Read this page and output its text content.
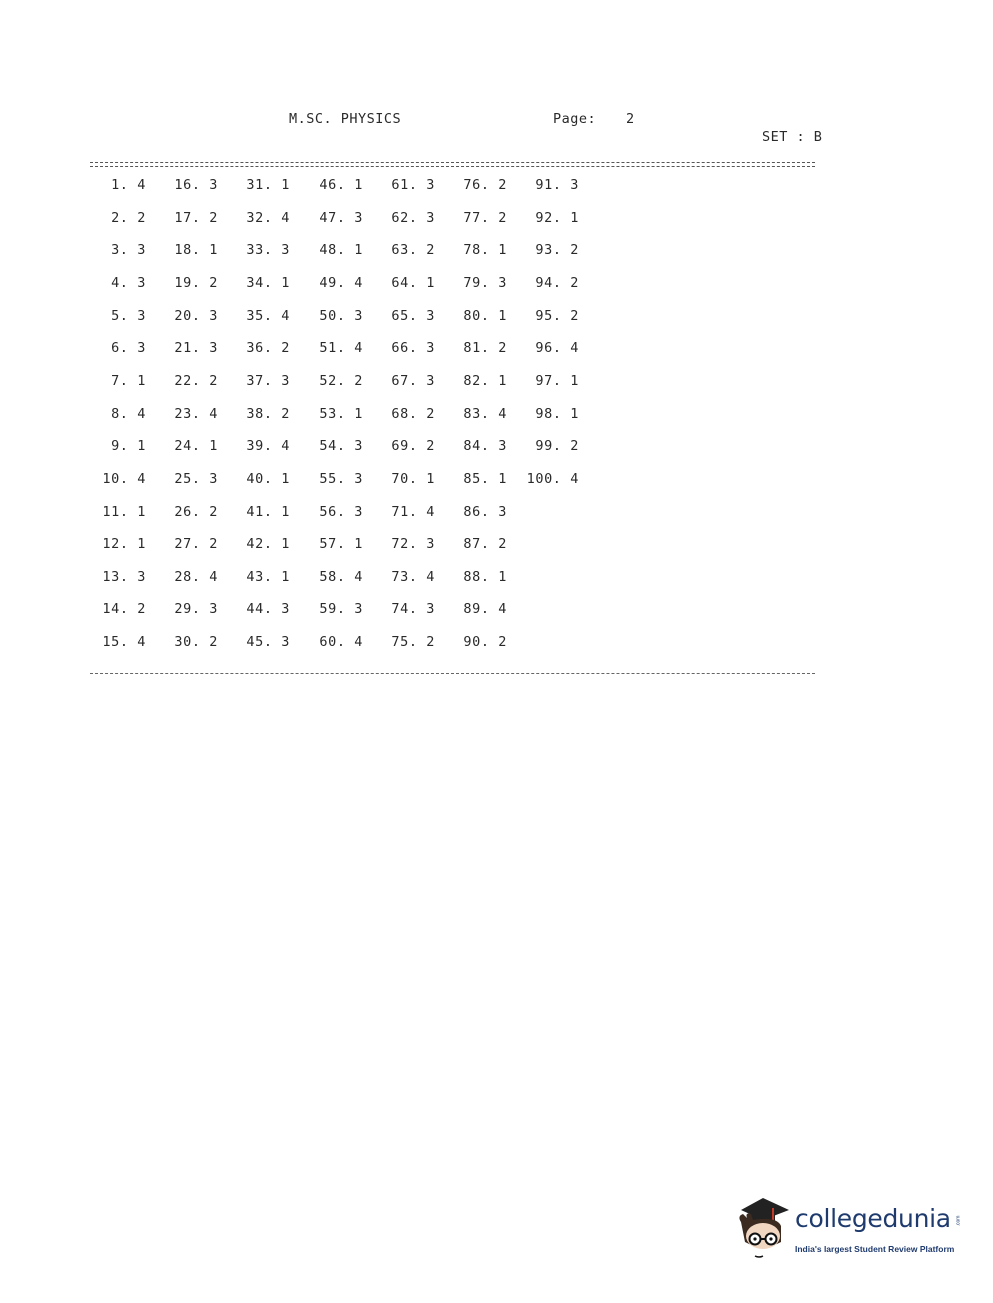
M.SC. PHYSICS	Page: 2
SET : B
1. 4
2. 2
3. 3
4. 3
5. 3
6. 3
7. 1
8. 4
9. 1
10. 4
11. 1
12. 1
13. 3
14. 2
15. 4
16. 3
17. 2
18. 1
19. 2
20. 3
21. 3
22. 2
23. 4
24. 1
25. 3
26. 2
27. 2
28. 4
29. 3
30. 2
31. 1
32. 4
33. 3
34. 1
35. 4
36. 2
37. 3
38. 2
39. 4
40. 1
41. 1
42. 1
43. 1
44. 3
45. 3
46. 1
47. 3
48. 1
49. 4
50. 3
51. 4
52. 2
53. 1
54. 3
55. 3
56. 3
57. 1
58. 4
59. 3
60. 4
61. 3
62. 3
63. 2
64. 1
65. 3
66. 3
67. 3
68. 2
69. 2
70. 1
71. 4
72. 3
73. 4
74. 3
75. 2
76. 2
77. 2
78. 1
79. 3
80. 1
81. 2
82. 1
83. 4
84. 3
85. 1
86. 3
87. 2
88. 1
89. 4
90. 2
91. 3
92. 1
93. 2
94. 2
95. 2
96. 4
97. 1
98. 1
99. 2
100. 4
collegedunia .com
India's largest Student Review Platform
